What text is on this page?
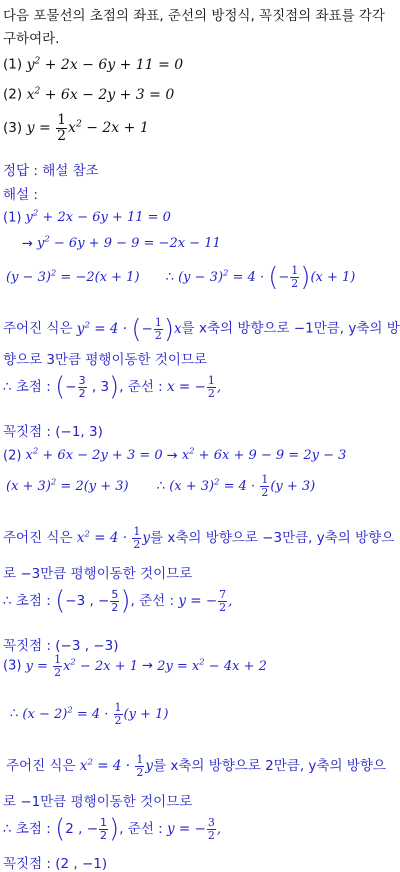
다음 포물선의 초점의 좌표, 준선의 방정식, 꼭짓점의 좌표를 각각
구하여라.
(1) $y^2 + 2x - 6y + 11 = 0$
(2) $x^2 + 6x - 2y + 3 = 0$
(3) $y = \frac{1}{2} x^2 - 2x + 1$
정답 : 해설 참조
해설 :
(1) $y^2 + 2x - 6y + 11 = 0$
→ $y^2 - 6y + 9 - 9 = -2x - 11$
$(y - 3)^2 = -2(x + 1)$ ∴ $(y - 3)^2 = 4$ · (− $\frac{1}{2} )(x + 1)$
주어진 식은 $y^2 = 4$ · (− $\frac{1}{2} )x$를 x축의 방향으로 −1만큼, y축의 방
향으로 3만큼 평행이동한 것이므로
∴ 초점 : (− $\frac{3}{2}$ , 3), 준선 : x = − $\frac{1}{2}$ ,
꼭짓점 : (−1, 3)
(2) $x^2 + 6x - 2y + 3 = 0 \to x^2 + 6x + 9 - 9 = 2y - 3$
$(x + 3)^2 = 2(y + 3)$ ∴ $(x + 3)^2 = 4 \cdot \frac{1}{2} (y + 3)$
주어진 식은 $x^2 = 4 \cdot \frac{1}{2}$ y를 x축의 방향으로 −3만큼, y축의 방향으
로 −3만큼 평행이동한 것이므로
∴ 초점 : (−3 , − $\frac{5}{2}$ ), 준선 : y = − $\frac{7}{2}$ ,
꼭짓점 : (−3 , −3)
(3) $y = \frac{1}{2} x^2 - 2x + 1 \to 2y = x^2 - 4x + 2$
∴ $(x - 2)^2 = 4 \cdot \frac{1}{2} (y + 1)$
주어진 식은 $x^2 = 4 \cdot \frac{1}{2}$ y를 x축의 방향으로 2만큼, y축의 방향으
로 −1만큼 평행이동한 것이므로
∴ 초점 : (2 , − $\frac{1}{2}$ ), 준선 : y = − $\frac{3}{2}$ ,
꼭짓점 : (2 , −1)
